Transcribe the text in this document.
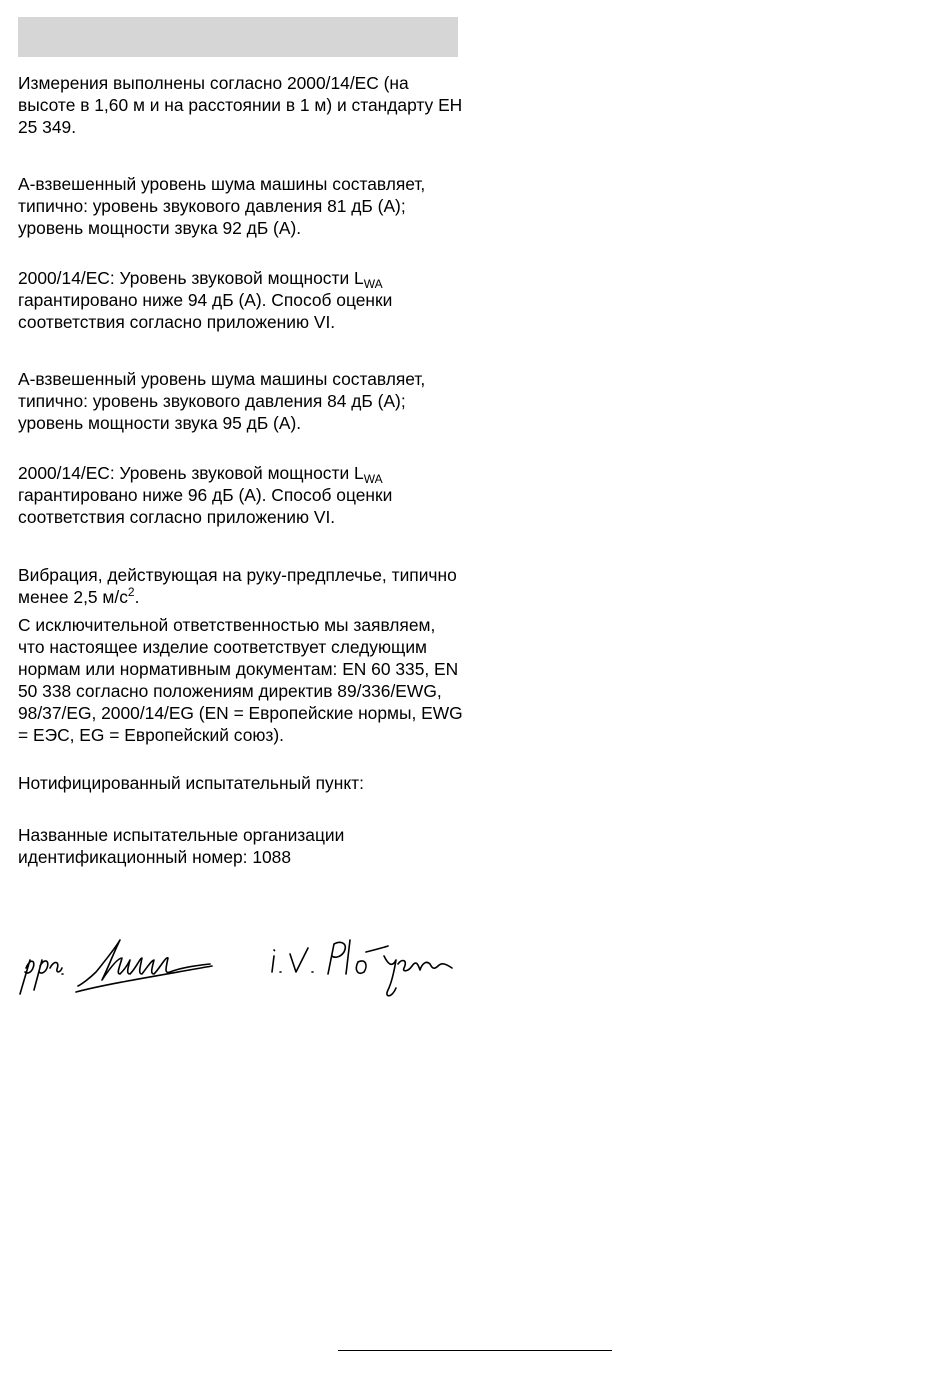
Измерения выполнены согласно 2000/14/ЕС (на высоте в 1,60 м и на расстоянии в 1 м) и стандарту ЕН 25 349.

А-взвешенный уровень шума машины составляет, типично: уровень звукового давления 81 дБ (А); уровень мощности звука 92 дБ (А).

2000/14/ЕС: Уровень звуковой мощности $L_{WA}$ гарантировано ниже 94 дБ (А). Способ оценки соответствия согласно приложению VI.

А-взвешенный уровень шума машины составляет, типично: уровень звукового давления 84 дБ (А); уровень мощности звука 95 дБ (А).

2000/14/ЕС: Уровень звуковой мощности $L_{WA}$ гарантировано ниже 96 дБ (А). Способ оценки соответствия согласно приложению VI.

Вибрация, действующая на руку-предплечье, типично менее 2,5 $м/с^2$.

С исключительной ответственностью мы заявляем, что настоящее изделие соответствует следующим нормам или нормативным документам: EN 60 335, EN 50 338 согласно положениям директив 89/336/EWG, 98/37/EG, 2000/14/EG (EN = Европейские нормы, EWG = ЕЭС, EG = Европейский союз).

Нотифицированный испытательный пункт:

Названные испытательные организации
идентификационный номер: 1088
